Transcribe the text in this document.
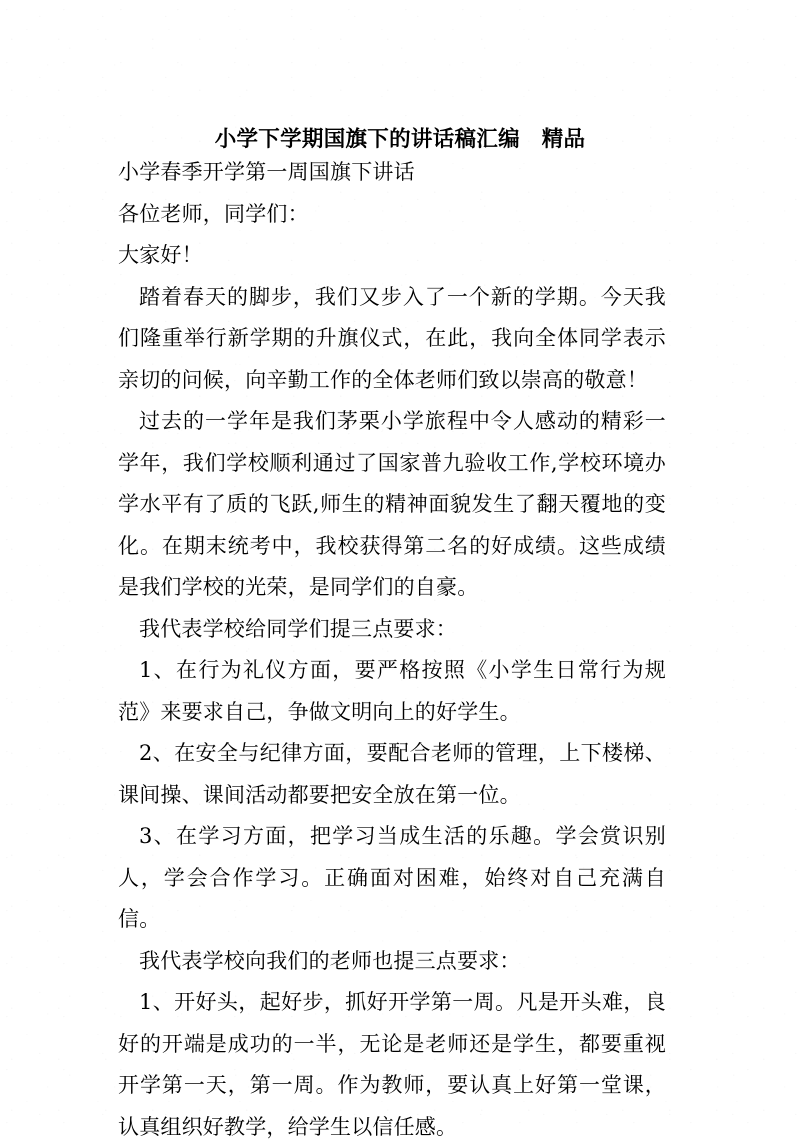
小学下学期国旗下的讲话稿汇编　精品

小学春季开学第一周国旗下讲话

各位老师，同学们：

大家好！

踏着春天的脚步，我们又步入了一个新的学期。今天我们隆重举行新学期的升旗仪式，在此，我向全体同学表示亲切的问候，向辛勤工作的全体老师们致以崇高的敬意！

过去的一学年是我们茅栗小学旅程中令人感动的精彩一学年，我们学校顺利通过了国家普九验收工作,学校环境办学水平有了质的飞跃,师生的精神面貌发生了翻天覆地的变化。在期末统考中，我校获得第二名的好成绩。这些成绩是我们学校的光荣，是同学们的自豪。

我代表学校给同学们提三点要求：

1、在行为礼仪方面，要严格按照《小学生日常行为规范》来要求自己，争做文明向上的好学生。

2、在安全与纪律方面，要配合老师的管理，上下楼梯、课间操、课间活动都要把安全放在第一位。

3、在学习方面，把学习当成生活的乐趣。学会赏识别人，学会合作学习。正确面对困难，始终对自己充满自信。

我代表学校向我们的老师也提三点要求：

1、开好头，起好步，抓好开学第一周。凡是开头难，良好的开端是成功的一半，无论是老师还是学生，都要重视开学第一天，第一周。作为教师，要认真上好第一堂课，认真组织好教学，给学生以信任感。
